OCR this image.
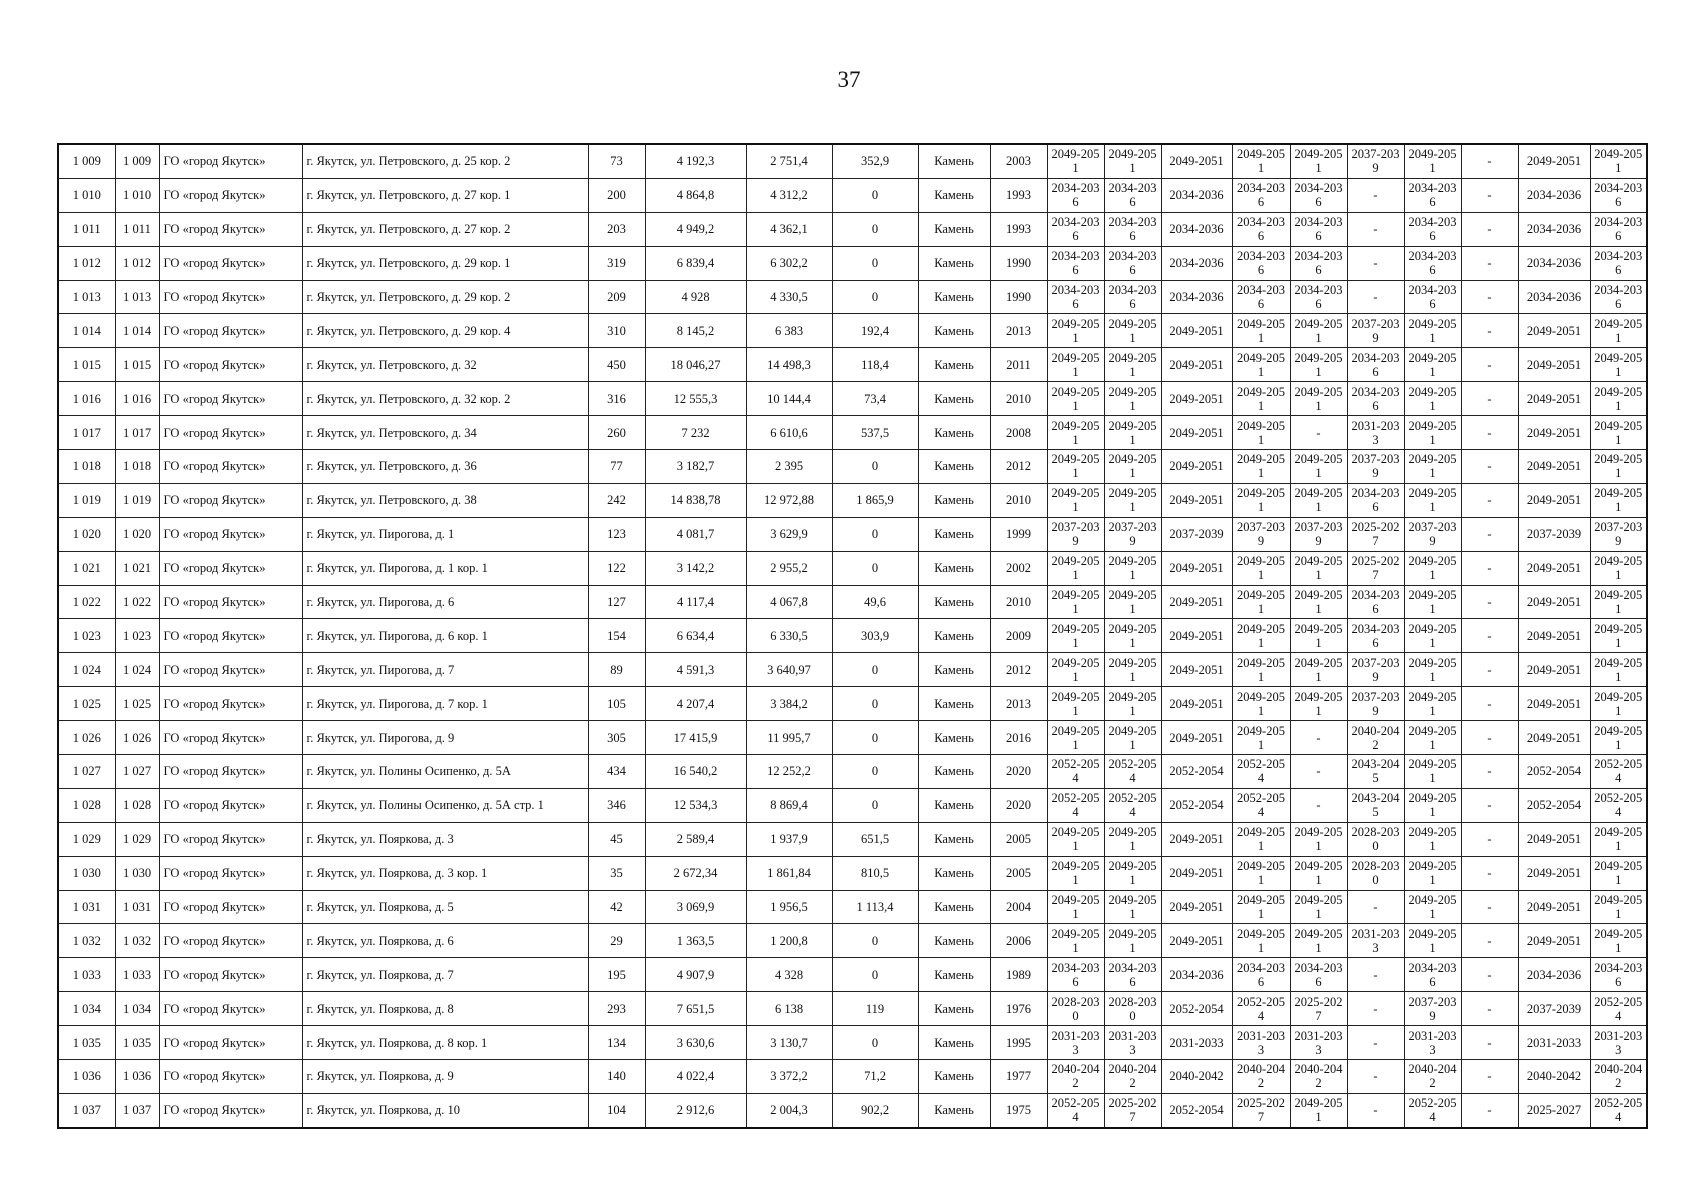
37
1 009	1 009	ГО «город Якутск»	г. Якутск, ул. Петровского, д. 25 кор. 2	73	4 192,3	2 751,4	352,9	Камень	2003	2049-2051	2049-2051	2049-2051	2049-2051	2049-2051	2037-2039	2049-2051	-	2049-2051	2049-2051
1 010	1 010	ГО «город Якутск»	г. Якутск, ул. Петровского, д. 27 кор. 1	200	4 864,8	4 312,2	0	Камень	1993	2034-2036	2034-2036	2034-2036	2034-2036	2034-2036	-	2034-2036	-	2034-2036	2034-2036
1 011	1 011	ГО «город Якутск»	г. Якутск, ул. Петровского, д. 27 кор. 2	203	4 949,2	4 362,1	0	Камень	1993	2034-2036	2034-2036	2034-2036	2034-2036	2034-2036	-	2034-2036	-	2034-2036	2034-2036
1 012	1 012	ГО «город Якутск»	г. Якутск, ул. Петровского, д. 29 кор. 1	319	6 839,4	6 302,2	0	Камень	1990	2034-2036	2034-2036	2034-2036	2034-2036	2034-2036	-	2034-2036	-	2034-2036	2034-2036
1 013	1 013	ГО «город Якутск»	г. Якутск, ул. Петровского, д. 29 кор. 2	209	4 928	4 330,5	0	Камень	1990	2034-2036	2034-2036	2034-2036	2034-2036	2034-2036	-	2034-2036	-	2034-2036	2034-2036
1 014	1 014	ГО «город Якутск»	г. Якутск, ул. Петровского, д. 29 кор. 4	310	8 145,2	6 383	192,4	Камень	2013	2049-2051	2049-2051	2049-2051	2049-2051	2049-2051	2037-2039	2049-2051	-	2049-2051	2049-2051
1 015	1 015	ГО «город Якутск»	г. Якутск, ул. Петровского, д. 32	450	18 046,27	14 498,3	118,4	Камень	2011	2049-2051	2049-2051	2049-2051	2049-2051	2049-2051	2034-2036	2049-2051	-	2049-2051	2049-2051
1 016	1 016	ГО «город Якутск»	г. Якутск, ул. Петровского, д. 32 кор. 2	316	12 555,3	10 144,4	73,4	Камень	2010	2049-2051	2049-2051	2049-2051	2049-2051	2049-2051	2034-2036	2049-2051	-	2049-2051	2049-2051
1 017	1 017	ГО «город Якутск»	г. Якутск, ул. Петровского, д. 34	260	7 232	6 610,6	537,5	Камень	2008	2049-2051	2049-2051	2049-2051	2049-2051	-	2031-2033	2049-2051	-	2049-2051	2049-2051
1 018	1 018	ГО «город Якутск»	г. Якутск, ул. Петровского, д. 36	77	3 182,7	2 395	0	Камень	2012	2049-2051	2049-2051	2049-2051	2049-2051	2049-2051	2037-2039	2049-2051	-	2049-2051	2049-2051
1 019	1 019	ГО «город Якутск»	г. Якутск, ул. Петровского, д. 38	242	14 838,78	12 972,88	1 865,9	Камень	2010	2049-2051	2049-2051	2049-2051	2049-2051	2049-2051	2034-2036	2049-2051	-	2049-2051	2049-2051
1 020	1 020	ГО «город Якутск»	г. Якутск, ул. Пирогова, д. 1	123	4 081,7	3 629,9	0	Камень	1999	2037-2039	2037-2039	2037-2039	2037-2039	2037-2039	2025-2027	2037-2039	-	2037-2039	2037-2039
1 021	1 021	ГО «город Якутск»	г. Якутск, ул. Пирогова, д. 1 кор. 1	122	3 142,2	2 955,2	0	Камень	2002	2049-2051	2049-2051	2049-2051	2049-2051	2049-2051	2025-2027	2049-2051	-	2049-2051	2049-2051
1 022	1 022	ГО «город Якутск»	г. Якутск, ул. Пирогова, д. 6	127	4 117,4	4 067,8	49,6	Камень	2010	2049-2051	2049-2051	2049-2051	2049-2051	2049-2051	2034-2036	2049-2051	-	2049-2051	2049-2051
1 023	1 023	ГО «город Якутск»	г. Якутск, ул. Пирогова, д. 6 кор. 1	154	6 634,4	6 330,5	303,9	Камень	2009	2049-2051	2049-2051	2049-2051	2049-2051	2049-2051	2034-2036	2049-2051	-	2049-2051	2049-2051
1 024	1 024	ГО «город Якутск»	г. Якутск, ул. Пирогова, д. 7	89	4 591,3	3 640,97	0	Камень	2012	2049-2051	2049-2051	2049-2051	2049-2051	2049-2051	2037-2039	2049-2051	-	2049-2051	2049-2051
1 025	1 025	ГО «город Якутск»	г. Якутск, ул. Пирогова, д. 7 кор. 1	105	4 207,4	3 384,2	0	Камень	2013	2049-2051	2049-2051	2049-2051	2049-2051	2049-2051	2037-2039	2049-2051	-	2049-2051	2049-2051
1 026	1 026	ГО «город Якутск»	г. Якутск, ул. Пирогова, д. 9	305	17 415,9	11 995,7	0	Камень	2016	2049-2051	2049-2051	2049-2051	2049-2051	-	2040-2042	2049-2051	-	2049-2051	2049-2051
1 027	1 027	ГО «город Якутск»	г. Якутск, ул. Полины Осипенко, д. 5А	434	16 540,2	12 252,2	0	Камень	2020	2052-2054	2052-2054	2052-2054	2052-2054	-	2043-2045	2049-2051	-	2052-2054	2052-2054
1 028	1 028	ГО «город Якутск»	г. Якутск, ул. Полины Осипенко, д. 5А стр. 1	346	12 534,3	8 869,4	0	Камень	2020	2052-2054	2052-2054	2052-2054	2052-2054	-	2043-2045	2049-2051	-	2052-2054	2052-2054
1 029	1 029	ГО «город Якутск»	г. Якутск, ул. Пояркова, д. 3	45	2 589,4	1 937,9	651,5	Камень	2005	2049-2051	2049-2051	2049-2051	2049-2051	2049-2051	2028-2030	2049-2051	-	2049-2051	2049-2051
1 030	1 030	ГО «город Якутск»	г. Якутск, ул. Пояркова, д. 3 кор. 1	35	2 672,34	1 861,84	810,5	Камень	2005	2049-2051	2049-2051	2049-2051	2049-2051	2049-2051	2028-2030	2049-2051	-	2049-2051	2049-2051
1 031	1 031	ГО «город Якутск»	г. Якутск, ул. Пояркова, д. 5	42	3 069,9	1 956,5	1 113,4	Камень	2004	2049-2051	2049-2051	2049-2051	2049-2051	2049-2051	-	2049-2051	-	2049-2051	2049-2051
1 032	1 032	ГО «город Якутск»	г. Якутск, ул. Пояркова, д. 6	29	1 363,5	1 200,8	0	Камень	2006	2049-2051	2049-2051	2049-2051	2049-2051	2049-2051	2031-2033	2049-2051	-	2049-2051	2049-2051
1 033	1 033	ГО «город Якутск»	г. Якутск, ул. Пояркова, д. 7	195	4 907,9	4 328	0	Камень	1989	2034-2036	2034-2036	2034-2036	2034-2036	2034-2036	-	2034-2036	-	2034-2036	2034-2036
1 034	1 034	ГО «город Якутск»	г. Якутск, ул. Пояркова, д. 8	293	7 651,5	6 138	119	Камень	1976	2028-2030	2028-2030	2052-2054	2052-2054	2025-2027	-	2037-2039	-	2037-2039	2052-2054
1 035	1 035	ГО «город Якутск»	г. Якутск, ул. Пояркова, д. 8 кор. 1	134	3 630,6	3 130,7	0	Камень	1995	2031-2033	2031-2033	2031-2033	2031-2033	2031-2033	-	2031-2033	-	2031-2033	2031-2033
1 036	1 036	ГО «город Якутск»	г. Якутск, ул. Пояркова, д. 9	140	4 022,4	3 372,2	71,2	Камень	1977	2040-2042	2040-2042	2040-2042	2040-2042	2040-2042	-	2040-2042	-	2040-2042	2040-2042
1 037	1 037	ГО «город Якутск»	г. Якутск, ул. Пояркова, д. 10	104	2 912,6	2 004,3	902,2	Камень	1975	2052-2054	2025-2027	2052-2054	2025-2027	2049-2051	-	2052-2054	-	2025-2027	2052-2054
